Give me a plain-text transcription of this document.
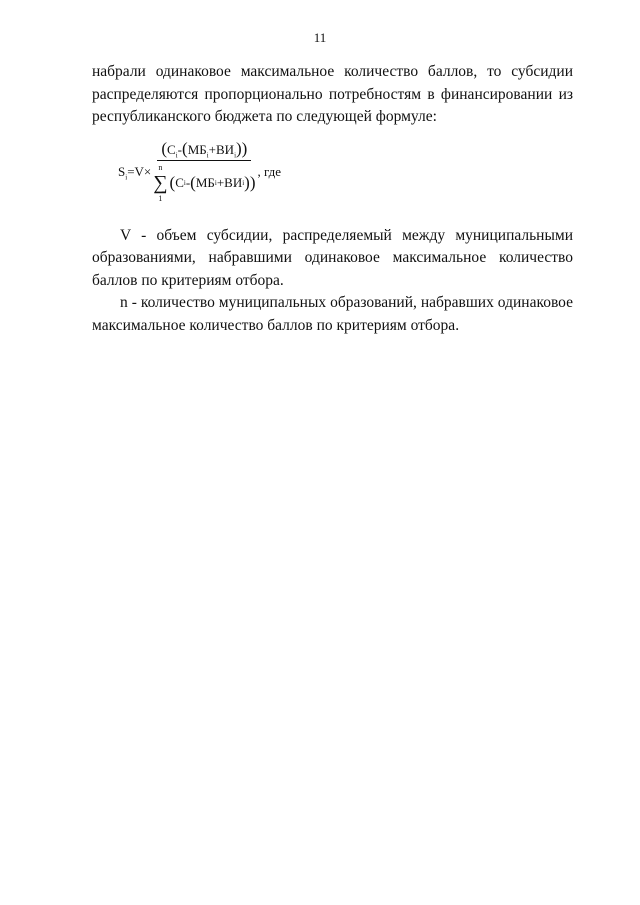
11

набрали одинаковое максимальное количество баллов, то субсидии распределяются пропорционально потребностям в финансировании из республиканского бюджета по следующей формуле:

$S_i=V\times (C_i-(МБ_i+ВИ_i))$
n
∑
1
( C i - ( МБ i +ВИ i )) , где

V - объем субсидии, распределяемый между муниципальными образованиями, набравшими одинаковое максимальное количество баллов по критериям отбора.

n - количество муниципальных образований, набравших одинаковое максимальное количество баллов по критериям отбора.
